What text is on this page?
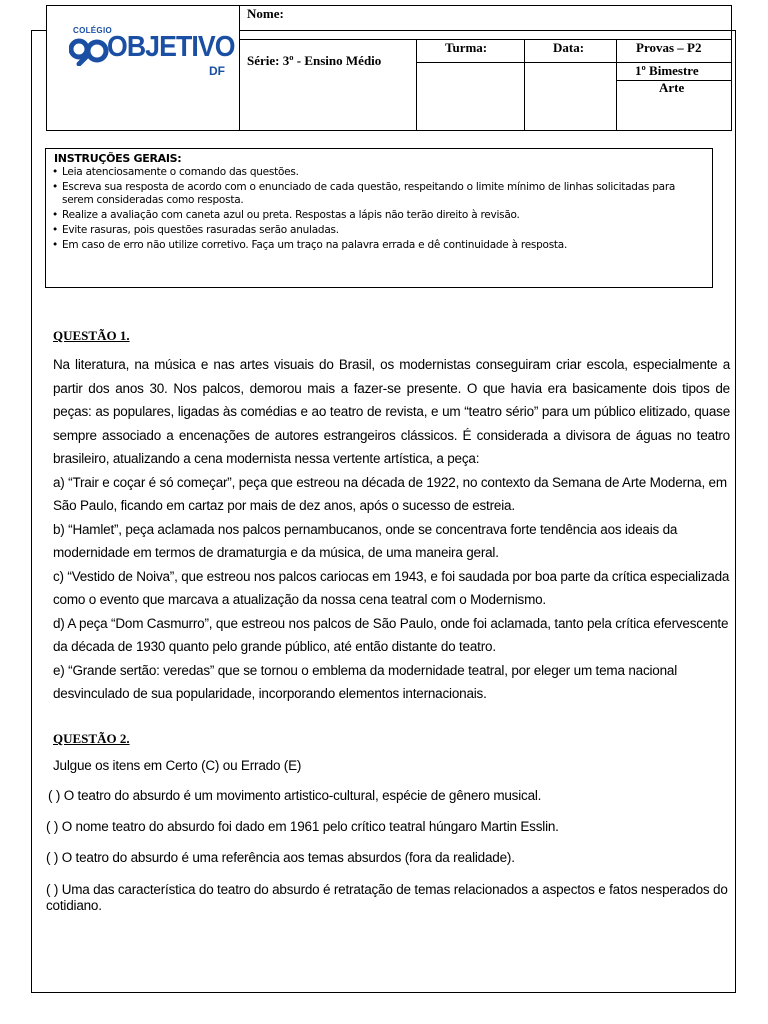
COLÉGIO
OBJETIVO
DF
Nome:
Série: 3º - Ensino Médio
Turma:	Data:	Provas – P2
1º Bimestre
Arte
INSTRUÇÕES GERAIS:
• Leia atenciosamente o comando das questões.
• Escreva sua resposta de acordo com o enunciado de cada questão, respeitando o limite mínimo de linhas solicitadas para serem consideradas como resposta.
• Realize a avaliação com caneta azul ou preta. Respostas a lápis não terão direito à revisão.
• Evite rasuras, pois questões rasuradas serão anuladas.
• Em caso de erro não utilize corretivo. Faça um traço na palavra errada e dê continuidade à resposta.
QUESTÃO 1.

Na literatura, na música e nas artes visuais do Brasil, os modernistas conseguiram criar escola, especialmente a partir dos anos 30. Nos palcos, demorou mais a fazer-se presente. O que havia era basicamente dois tipos de peças: as populares, ligadas às comédias e ao teatro de revista, e um “teatro sério” para um público elitizado, quase sempre associado a encenações de autores estrangeiros clássicos. É considerada a divisora de águas no teatro brasileiro, atualizando a cena modernista nessa vertente artística, a peça:

a) “Trair e coçar é só começar”, peça que estreou na década de 1922, no contexto da Semana de Arte Moderna, em São Paulo, ficando em cartaz por mais de dez anos, após o sucesso de estreia.

b) “Hamlet”, peça aclamada nos palcos pernambucanos, onde se concentrava forte tendência aos ideais da modernidade em termos de dramaturgia e da música, de uma maneira geral.

c) “Vestido de Noiva”, que estreou nos palcos cariocas em 1943, e foi saudada por boa parte da crítica especializada como o evento que marcava a atualização da nossa cena teatral com o Modernismo.

d) A peça “Dom Casmurro”, que estreou nos palcos de São Paulo, onde foi aclamada, tanto pela crítica efervescente da década de 1930 quanto pelo grande público, até então distante do teatro.

e) “Grande sertão: veredas” que se tornou o emblema da modernidade teatral, por eleger um tema nacional desvinculado de sua popularidade, incorporando elementos internacionais.

QUESTÃO 2.
Julgue os itens em Certo (C) ou Errado (E)
( ) O teatro do absurdo é um movimento artistico-cultural, espécie de gênero musical.
( ) O nome teatro do absurdo foi dado em 1961 pelo crítico teatral húngaro Martin Esslin.
( ) O teatro do absurdo é uma referência aos temas absurdos (fora da realidade).
( ) Uma das característica do teatro do absurdo é retratação de temas relacionados a aspectos e fatos nesperados do cotidiano.
